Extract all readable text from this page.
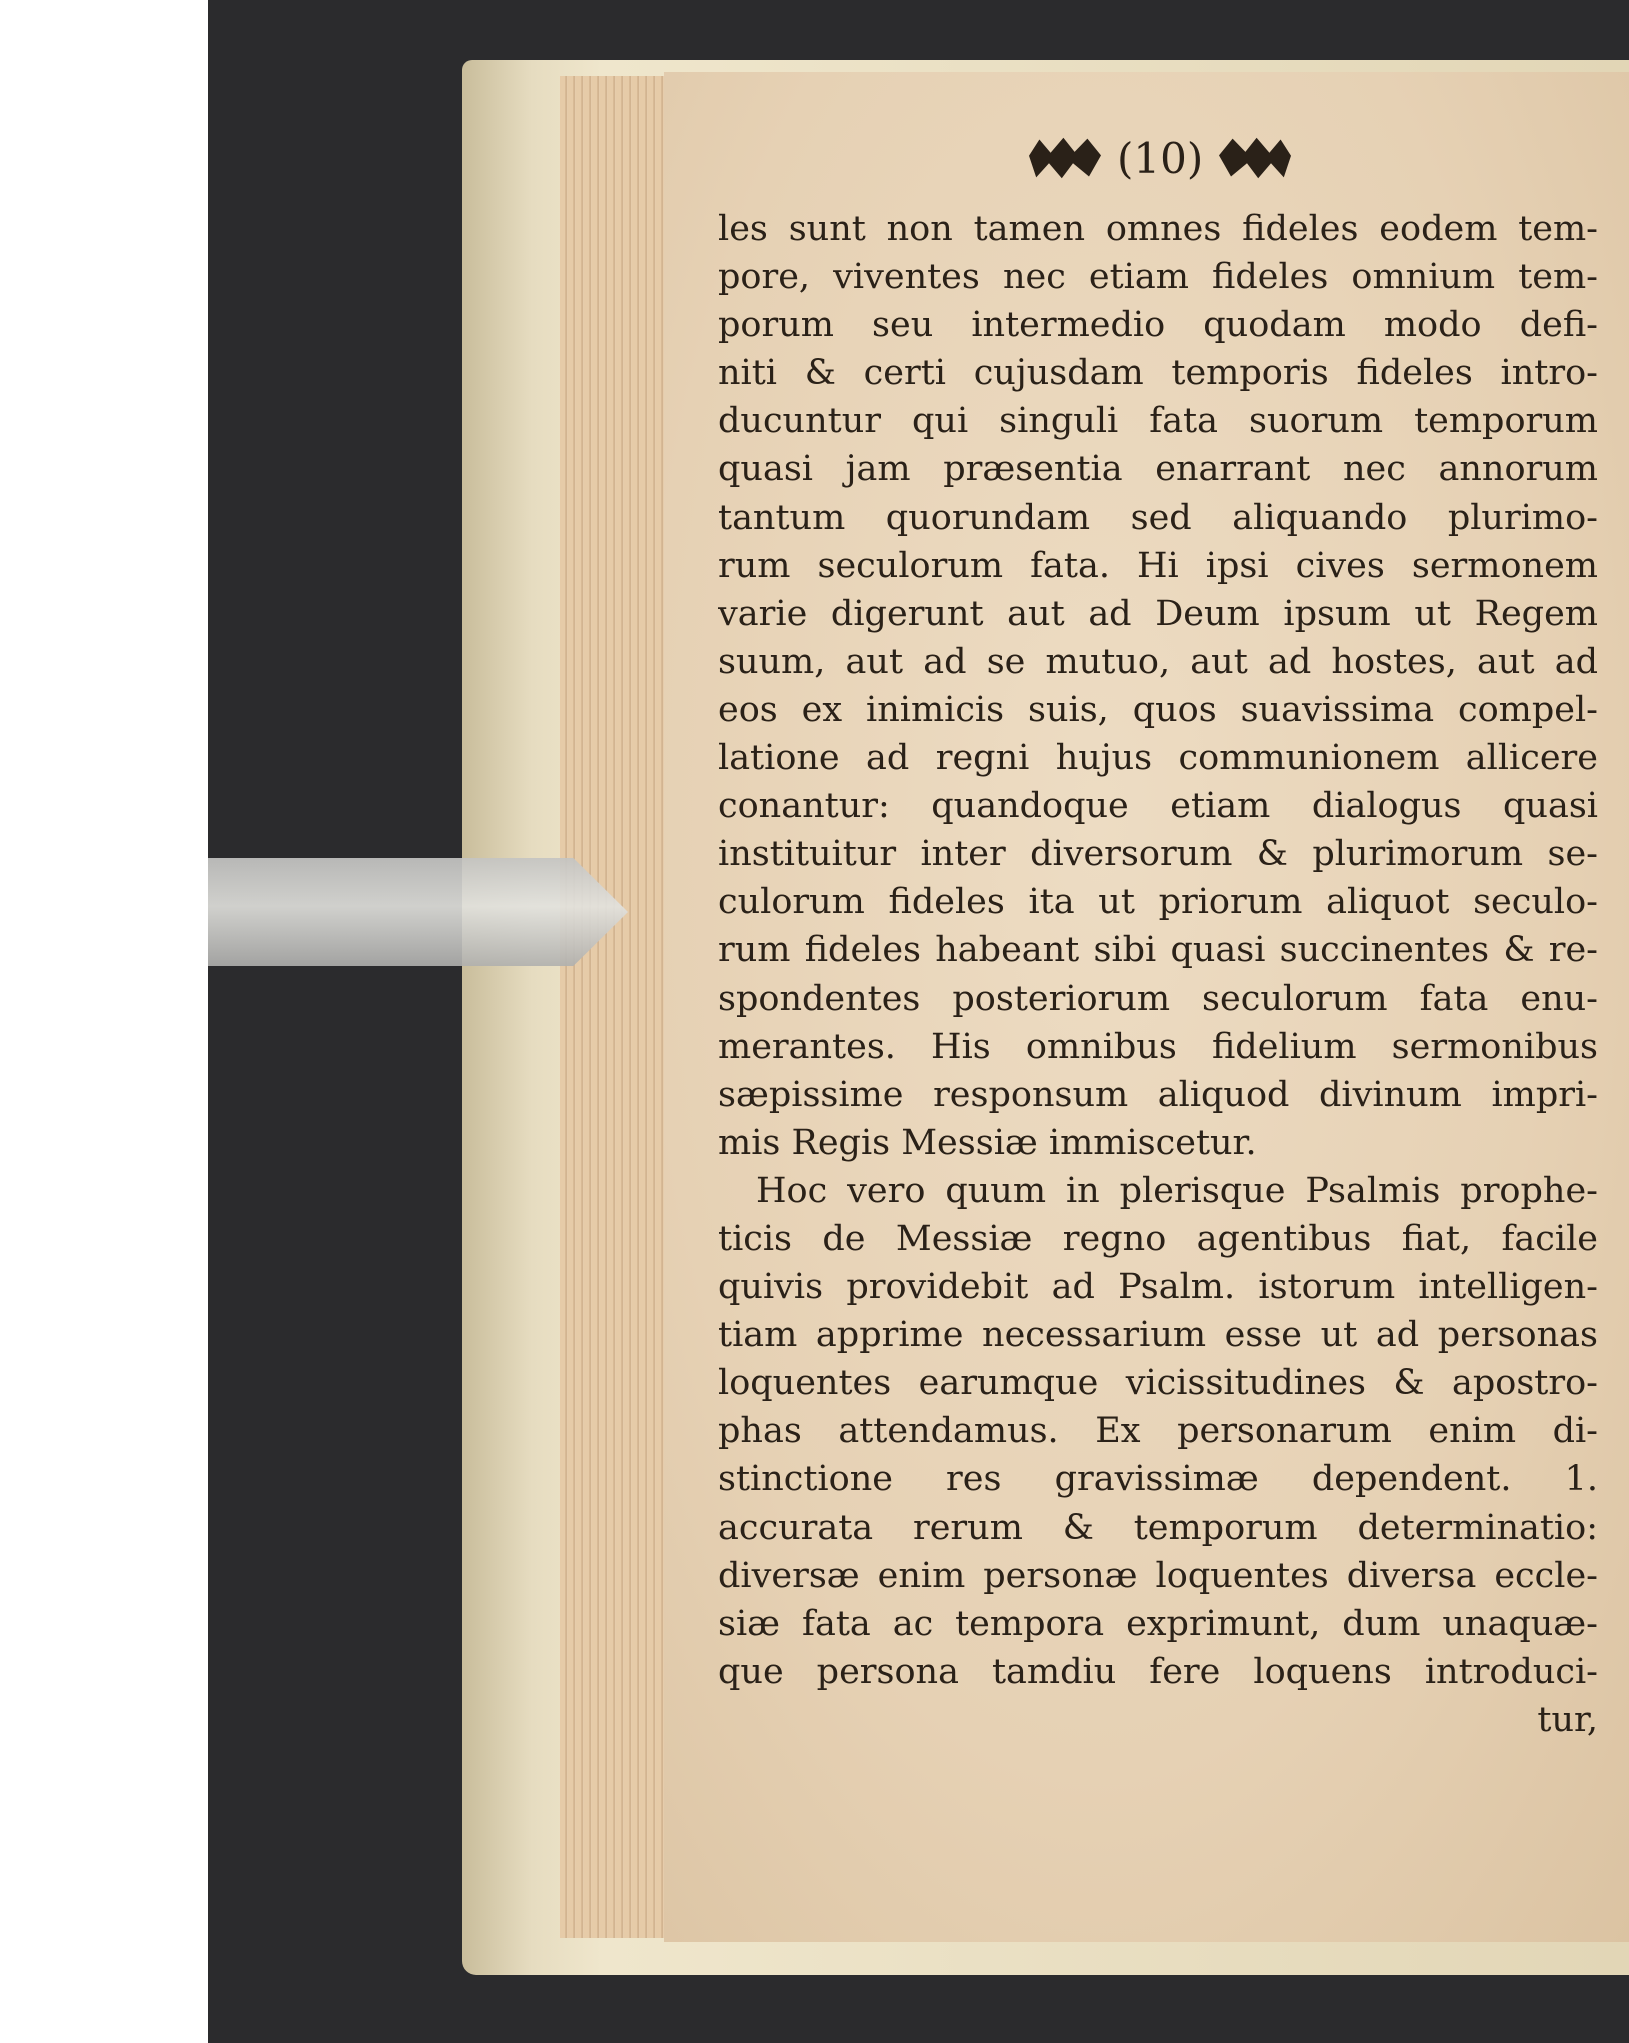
(10)
les sunt non tamen omnes fideles eodem tem-
pore, viventes nec etiam fideles omnium tem-
porum seu intermedio quodam modo defi-
niti & certi cujusdam temporis fideles intro-
ducuntur qui singuli fata suorum temporum
quasi jam præsentia enarrant nec annorum
tantum quorundam sed aliquando plurimo-
rum seculorum fata. Hi ipsi cives sermonem
varie digerunt aut ad Deum ipsum ut Regem
suum, aut ad se mutuo, aut ad hostes, aut ad
eos ex inimicis suis, quos suavissima compel-
latione ad regni hujus communionem allicere
conantur: quandoque etiam dialogus quasi
instituitur inter diversorum & plurimorum se-
culorum fideles ita ut priorum aliquot seculo-
rum fideles habeant sibi quasi succinentes & re-
spondentes posteriorum seculorum fata enu-
merantes. His omnibus fidelium sermonibus
sæpissime responsum aliquod divinum impri-
mis Regis Messiæ immiscetur.
Hoc vero quum in plerisque Psalmis prophe-
ticis de Messiæ regno agentibus fiat, facile
quivis providebit ad Psalm. istorum intelligen-
tiam apprime necessarium esse ut ad personas
loquentes earumque vicissitudines & apostro-
phas attendamus. Ex personarum enim di-
stinctione res gravissimæ dependent. 1.
accurata rerum & temporum determinatio:
diversæ enim personæ loquentes diversa eccle-
siæ fata ac tempora exprimunt, dum unaquæ-
que persona tamdiu fere loquens introduci-
tur,
